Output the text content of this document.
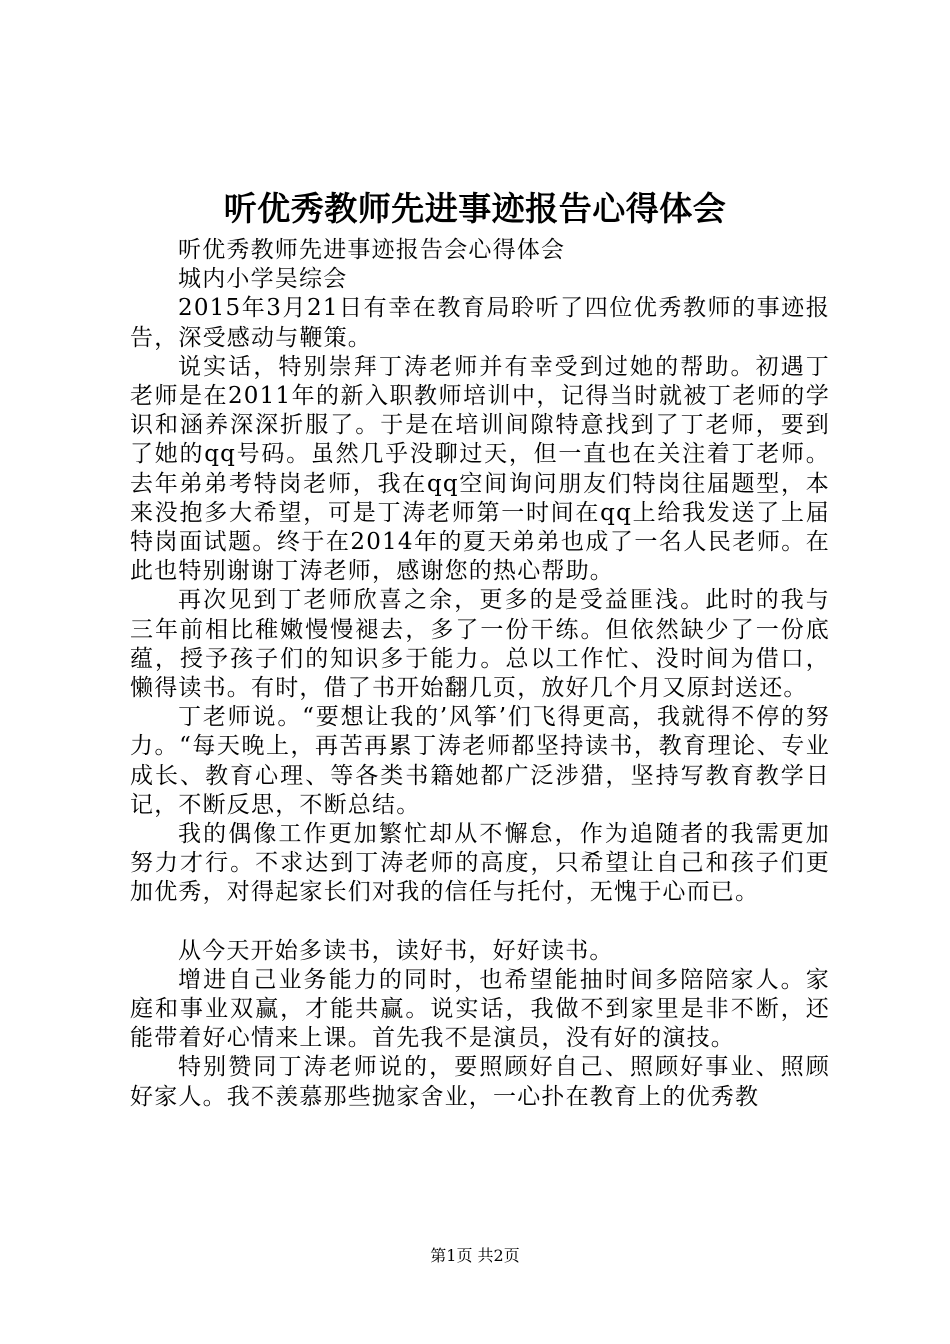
听优秀教师先进事迹报告心得体会

听优秀教师先进事迹报告会心得体会

城内小学吴综会

2015年3月21日有幸在教育局聆听了四位优秀教师的事迹报告，深受感动与鞭策。

说实话，特别崇拜丁涛老师并有幸受到过她的帮助。初遇丁老师是在2011年的新入职教师培训中，记得当时就被丁老师的学识和涵养深深折服了。于是在培训间隙特意找到了丁老师，要到了她的qq号码。虽然几乎没聊过天，但一直也在关注着丁老师。去年弟弟考特岗老师，我在qq空间询问朋友们特岗往届题型，本来没抱多大希望，可是丁涛老师第一时间在qq上给我发送了上届特岗面试题。终于在2014年的夏天弟弟也成了一名人民老师。在此也特别谢谢丁涛老师，感谢您的热心帮助。

再次见到丁老师欣喜之余，更多的是受益匪浅。此时的我与三年前相比稚嫩慢慢褪去，多了一份干练。但依然缺少了一份底蕴，授予孩子们的知识多于能力。总以工作忙、没时间为借口，懒得读书。有时，借了书开始翻几页，放好几个月又原封送还。

丁老师说。“要想让我的’风筝’们飞得更高，我就得不停的努力。“每天晚上，再苦再累丁涛老师都坚持读书，教育理论、专业成长、教育心理、等各类书籍她都广泛涉猎，坚持写教育教学日记，不断反思，不断总结。

我的偶像工作更加繁忙却从不懈怠，作为追随者的我需更加努力才行。不求达到丁涛老师的高度，只希望让自己和孩子们更加优秀，对得起家长们对我的信任与托付，无愧于心而已。

从今天开始多读书，读好书，好好读书。

增进自己业务能力的同时，也希望能抽时间多陪陪家人。家庭和事业双赢，才能共赢。说实话，我做不到家里是非不断，还能带着好心情来上课。首先我不是演员，没有好的演技。

特别赞同丁涛老师说的，要照顾好自己、照顾好事业、照顾好家人。我不羡慕那些抛家舍业，一心扑在教育上的优秀教

第1页 共2页
